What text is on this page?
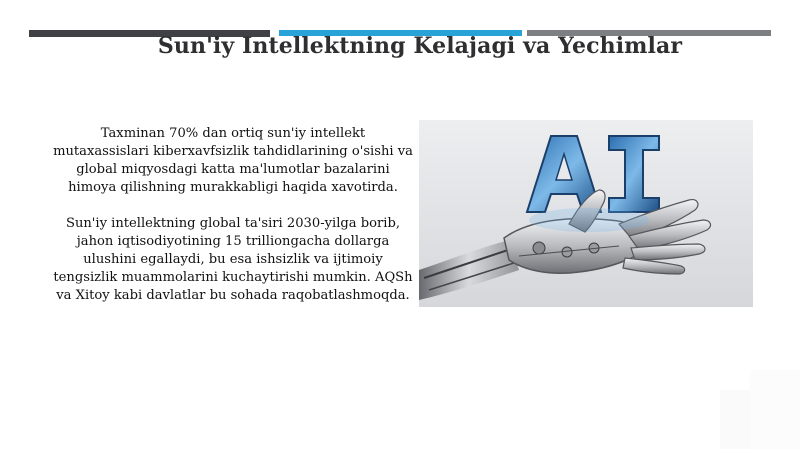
Sun'iy Intellektning Kelajagi va Yechimlar

Taxminan 70% dan ortiq sun'iy intellekt mutaxassislari kiberxavfsizlik tahdidlarining o'sishi va global miqyosdagi katta ma'lumotlar bazalarini himoya qilishning murakkabligi haqida xavotirda.

Sun'iy intellektning global ta'siri 2030-yilga borib, jahon iqtisodiyotining 15 trilliongacha dollarga ulushini egallaydi, bu esa ishsizlik va ijtimoiy tengsizlik muammolarini kuchaytirishi mumkin. AQSh va Xitoy kabi davlatlar bu sohada raqobatlashmoqda.
